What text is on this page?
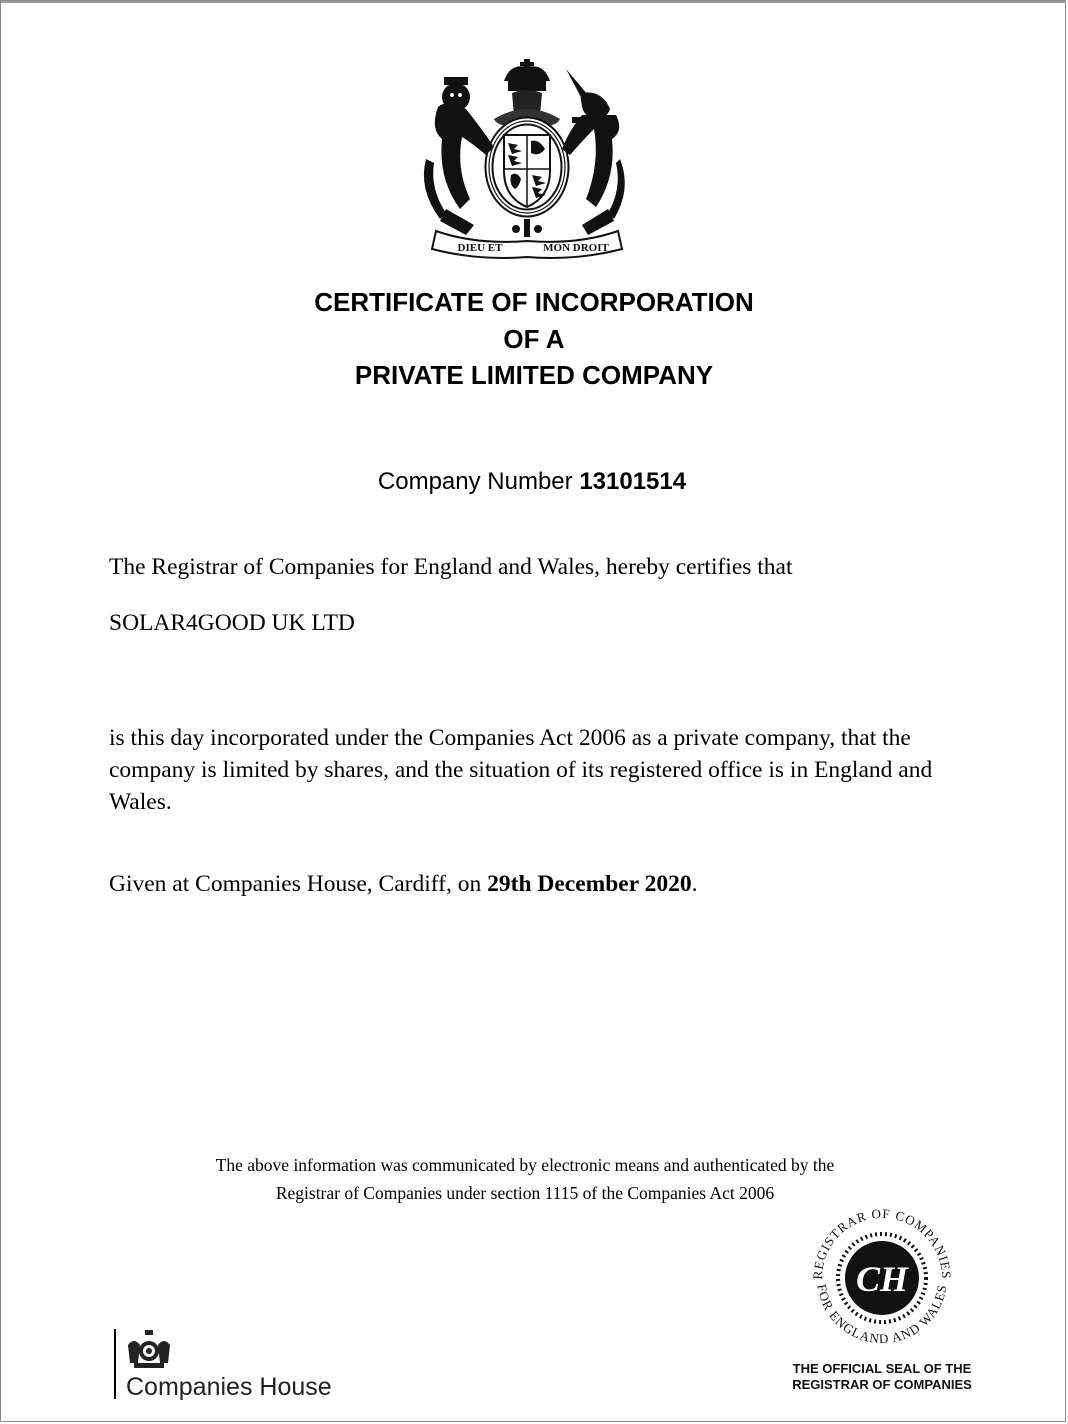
DIEU ET	MON DROIT
CERTIFICATE OF INCORPORATION
OF A
PRIVATE LIMITED COMPANY
Company Number 13101514
The Registrar of Companies for England and Wales, hereby certifies that
SOLAR4GOOD UK LTD
is this day incorporated under the Companies Act 2006 as a private company, that the company is limited by shares, and the situation of its registered office is in England and Wales.
Given at Companies House, Cardiff, on 29th December 2020.
The above information was communicated by electronic means and authenticated by the
Registrar of Companies under section 1115 of the Companies Act 2006
Companies House
REGISTRAR OF COMPANIES
FOR ENGLAND AND WALES
CH
THE OFFICIAL SEAL OF THE
REGISTRAR OF COMPANIES
